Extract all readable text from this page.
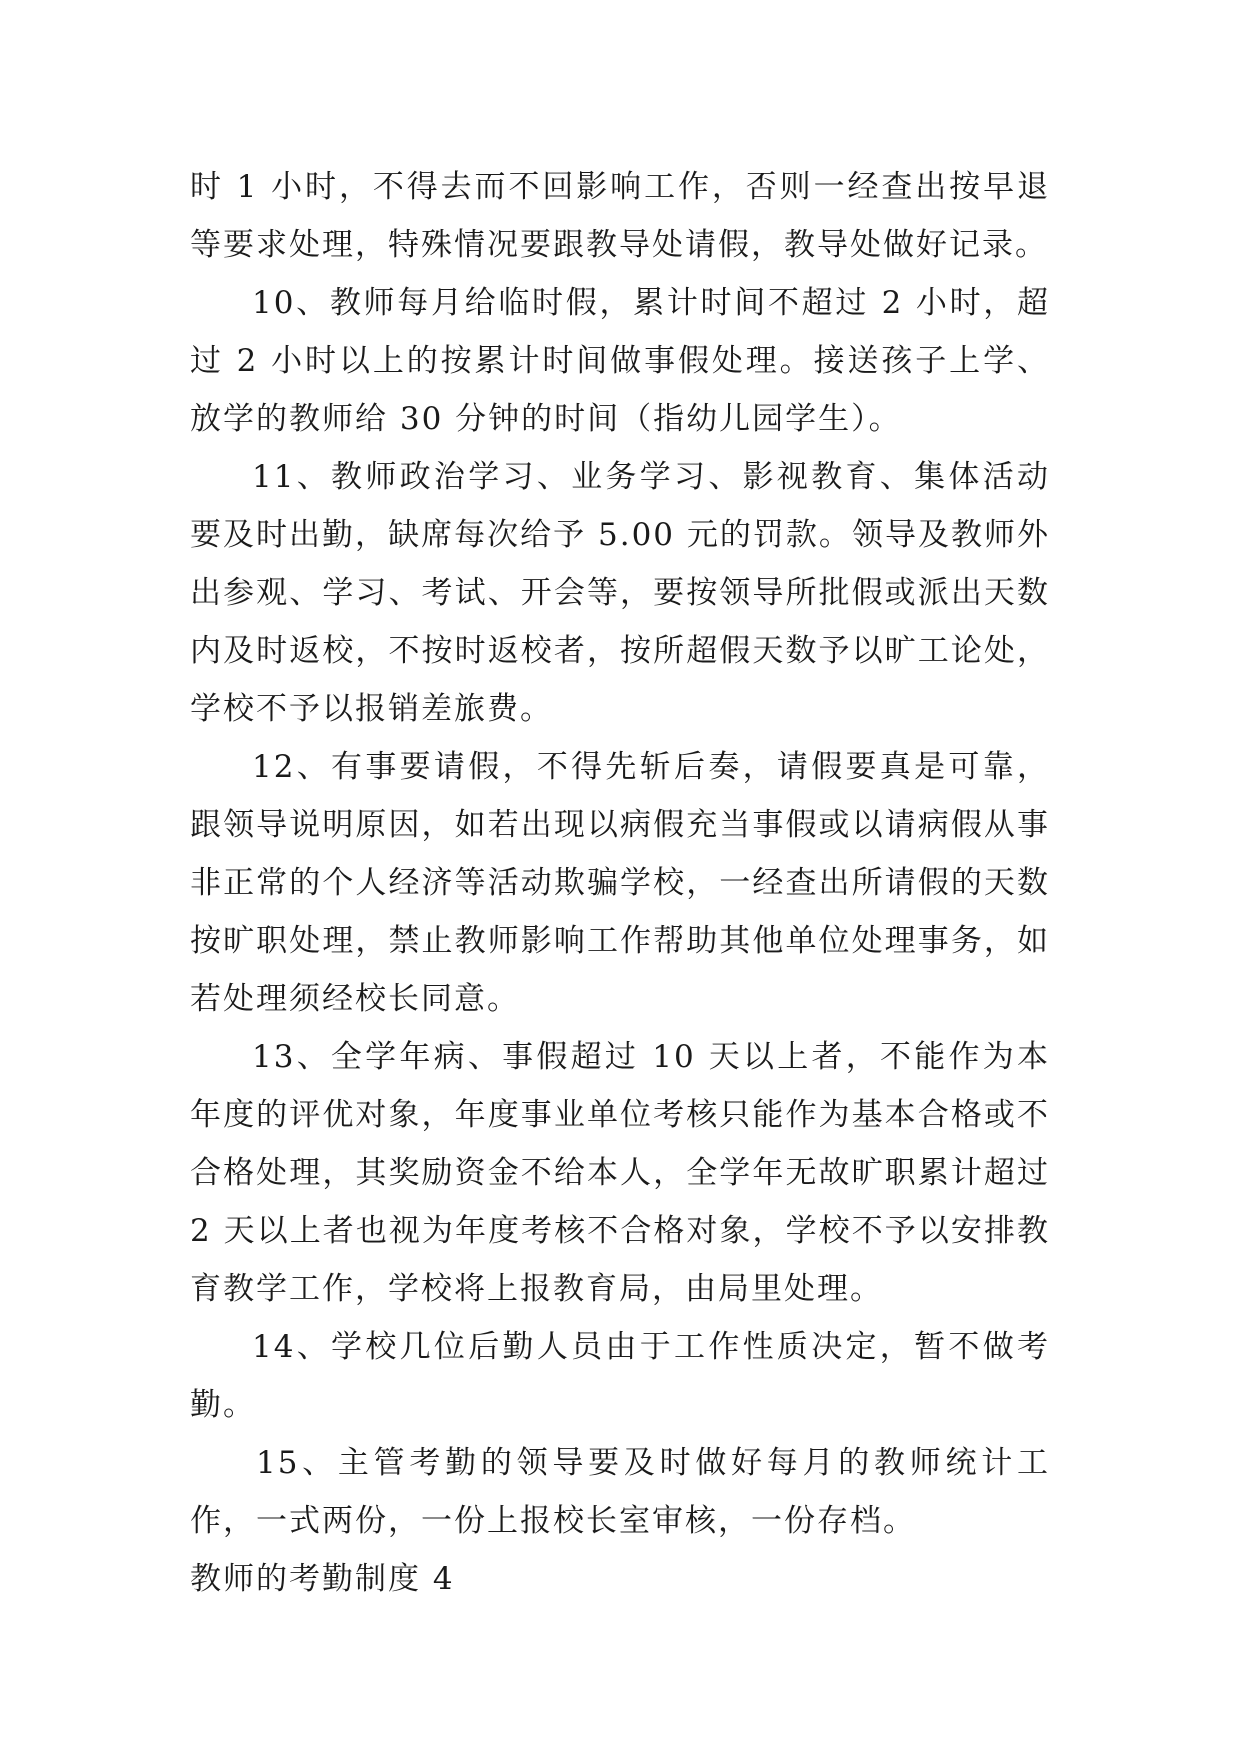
时 1 小时，不得去而不回影响工作，否则一经查出按早退等要求处理，特殊情况要跟教导处请假，教导处做好记录。

10、教师每月给临时假，累计时间不超过 2 小时，超过 2 小时以上的按累计时间做事假处理。接送孩子上学、放学的教师给 30 分钟的时间（指幼儿园学生）。

11、教师政治学习、业务学习、影视教育、集体活动要及时出勤，缺席每次给予 5.00 元的罚款。领导及教师外出参观、学习、考试、开会等，要按领导所批假或派出天数内及时返校，不按时返校者，按所超假天数予以旷工论处，学校不予以报销差旅费。

12、有事要请假，不得先斩后奏，请假要真是可靠，跟领导说明原因，如若出现以病假充当事假或以请病假从事非正常的个人经济等活动欺骗学校，一经查出所请假的天数按旷职处理，禁止教师影响工作帮助其他单位处理事务，如若处理须经校长同意。

13、全学年病、事假超过 10 天以上者，不能作为本年度的评优对象，年度事业单位考核只能作为基本合格或不合格处理，其奖励资金不给本人，全学年无故旷职累计超过 2 天以上者也视为年度考核不合格对象，学校不予以安排教育教学工作，学校将上报教育局，由局里处理。

14、学校几位后勤人员由于工作性质决定，暂不做考勤。

15、主管考勤的领导要及时做好每月的教师统计工作，一式两份，一份上报校长室审核，一份存档。

教师的考勤制度 4
